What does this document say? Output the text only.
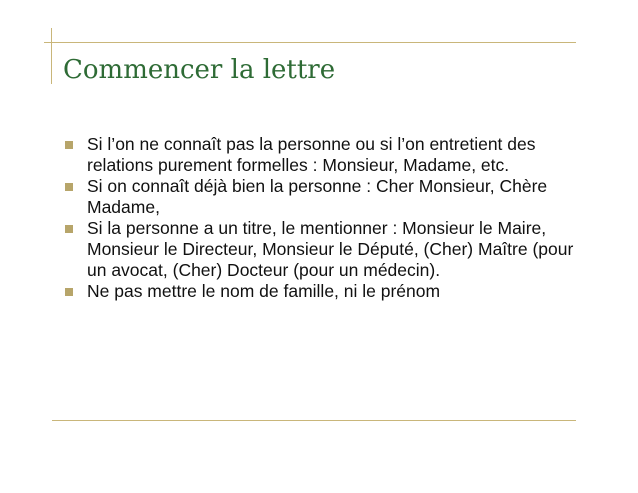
Commencer la lettre
Si l’on ne connaît pas la personne ou si l’on entretient des relations purement formelles : Monsieur, Madame, etc.
Si on connaît déjà bien la personne : Cher Monsieur, Chère Madame,
Si la personne a un titre, le mentionner : Monsieur le Maire, Monsieur le Directeur, Monsieur le Député, (Cher) Maître (pour un avocat, (Cher) Docteur (pour un médecin).
Ne pas mettre le nom de famille, ni le prénom
